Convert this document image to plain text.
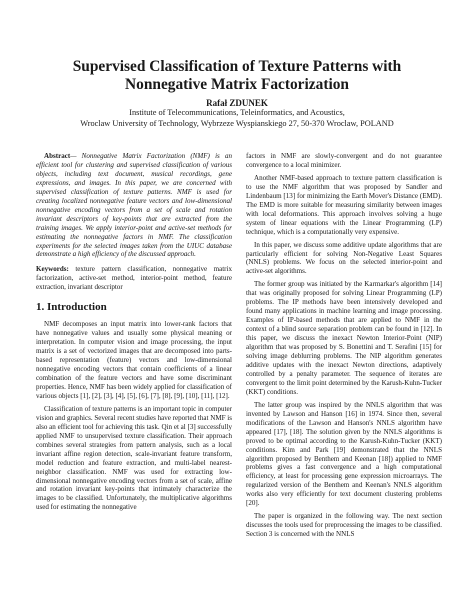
Supervised Classification of Texture Patterns with Nonnegative Matrix Factorization
Rafał ZDUNEK
Institute of Telecommunications, Teleinformatics, and Acoustics,
Wroclaw University of Technology, Wybrzeze Wyspianskiego 27, 50-370 Wroclaw, POLAND

Abstract— Nonnegative Matrix Factorization (NMF) is an efficient tool for clustering and supervised classification of various objects, including text document, musical recordings, gene expressions, and images. In this paper, we are concerned with supervised classification of texture patterns. NMF is used for creating localized nonnegative feature vectors and low-dimensional nonnegative encoding vectors from a set of scale and rotation invariant descriptors of key-points that are extracted from the training images. We apply interior-point and active-set methods for estimating the nonnegative factors in NMF. The classification experiments for the selected images taken from the UIUC database demonstrate a high efficiency of the discussed approach.

Keywords: texture pattern classification, nonnegative matrix factorization, active-set method, interior-point method, feature extraction, invariant descriptor

1. Introduction

NMF decomposes an input matrix into lower-rank factors that have nonnegative values and usually some physical meaning or interpretation. In computer vision and image processing, the input matrix is a set of vectorized images that are decomposed into parts-based representation (feature) vectors and low-dimensional nonnegative encoding vectors that contain coefficients of a linear combination of the feature vectors and have some discriminant properties. Hence, NMF has been widely applied for classification of various objects [1], [2], [3], [4], [5], [6], [7], [8], [9], [10], [11], [12].

Classification of texture patterns is an important topic in computer vision and graphics. Several recent studies have reported that NMF is also an efficient tool for achieving this task. Qin et al [3] successfully applied NMF to unsupervised texture classification. Their approach combines several strategies from pattern analysis, such as a local invariant affine region detection, scale-invariant feature transform, model reduction and feature extraction, and multi-label nearest-neighbor classification. NMF was used for extracting low-dimensional nonnegative encoding vectors from a set of scale, affine and rotation invariant key-points that intimately characterize the images to be classified. Unfortunately, the multiplicative algorithms used for estimating the nonnegative

factors in NMF are slowly-convergent and do not guarantee convergence to a local minimizer.

Another NMF-based approach to texture pattern classification is to use the NMF algorithm that was proposed by Sandler and Lindenbaum [13] for minimizing the Earth Mover's Distance (EMD). The EMD is more suitable for measuring similarity between images with local deformations. This approach involves solving a huge system of linear equations with the Linear Programming (LP) technique, which is a computationally very expensive.

In this paper, we discuss some additive update algorithms that are particularly efficient for solving Non-Negative Least Squares (NNLS) problems. We focus on the selected interior-point and active-set algorithms.

The former group was initiated by the Karmarkar's algorithm [14] that was originally proposed for solving Linear Programming (LP) problems. The IP methods have been intensively developed and found many applications in machine learning and image processing. Examples of IP-based methods that are applied to NMF in the context of a blind source separation problem can be found in [12]. In this paper, we discuss the inexact Newton Interior-Point (NIP) algorithm that was proposed by S. Bonettini and T. Serafini [15] for solving image deblurring problems. The NIP algorithm generates additive updates with the inexact Newton directions, adaptively controlled by a penalty parameter. The sequence of iterates are convergent to the limit point determined by the Karush-Kuhn-Tucker (KKT) conditions.

The latter group was inspired by the NNLS algorithm that was invented by Lawson and Hanson [16] in 1974. Since then, several modifications of the Lawson and Hanson's NNLS algorithm have appeared [17], [18]. The solution given by the NNLS algorithms is proved to be optimal according to the Karush-Kuhn-Tucker (KKT) conditions. Kim and Park [19] demonstrated that the NNLS algorithm proposed by Benthem and Keenan [18]) applied to NMF problems gives a fast convergence and a high computational efficiency, at least for processing gene expression microarrays. The regularized version of the Benthem and Keenan's NNLS algorithm works also very efficiently for text document clustering problems [20].

The paper is organized in the following way. The next section discusses the tools used for preprocessing the images to be classified. Section 3 is concerned with the NNLS
